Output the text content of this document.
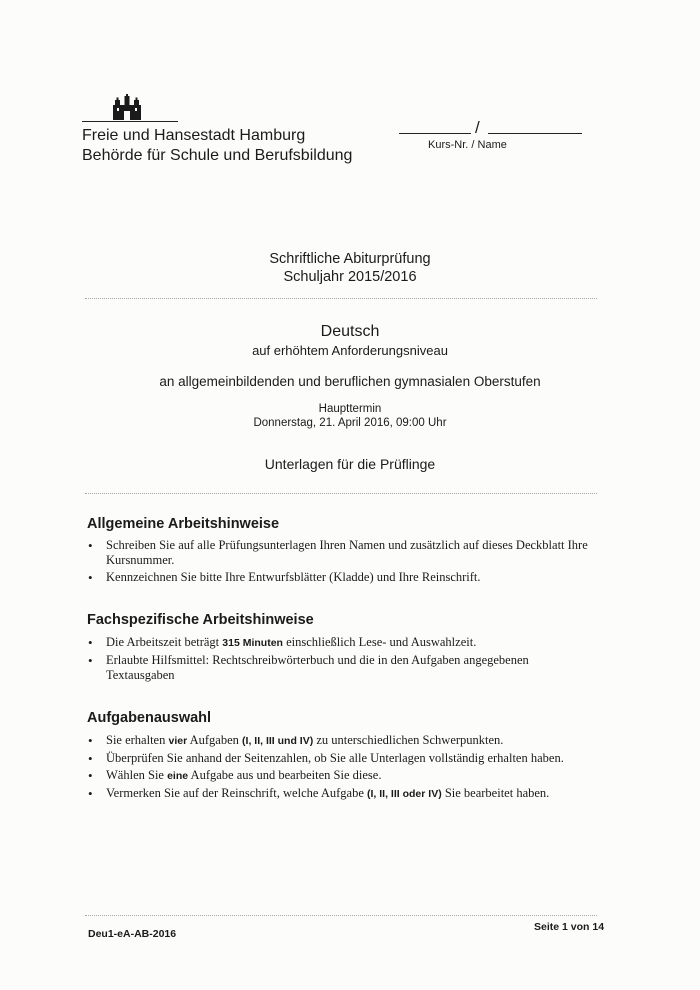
Freie und Hansestadt Hamburg
Behörde für Schule und Berufsbildung
/
Kurs-Nr. / Name
Schriftliche Abiturprüfung
Schuljahr 2015/2016
Deutsch
auf erhöhtem Anforderungsniveau
an allgemeinbildenden und beruflichen gymnasialen Oberstufen
Haupttermin
Donnerstag, 21. April 2016, 09:00 Uhr
Unterlagen für die Prüflinge
Allgemeine Arbeitshinweise
• Schreiben Sie auf alle Prüfungsunterlagen Ihren Namen und zusätzlich auf dieses Deckblatt Ihre Kursnummer.
• Kennzeichnen Sie bitte Ihre Entwurfsblätter (Kladde) und Ihre Reinschrift.
Fachspezifische Arbeitshinweise
• Die Arbeitszeit beträgt 315 Minuten einschließlich Lese- und Auswahlzeit.
• Erlaubte Hilfsmittel: Rechtschreibwörterbuch und die in den Aufgaben angegebenen Textausgaben
Aufgabenauswahl
• Sie erhalten vier Aufgaben (I, II, III und IV) zu unterschiedlichen Schwerpunkten.
• Überprüfen Sie anhand der Seitenzahlen, ob Sie alle Unterlagen vollständig erhalten haben.
• Wählen Sie eine Aufgabe aus und bearbeiten Sie diese.
• Vermerken Sie auf der Reinschrift, welche Aufgabe (I, II, III oder IV) Sie bearbeitet haben.
Deu1-eA-AB-2016
Seite 1 von 14
